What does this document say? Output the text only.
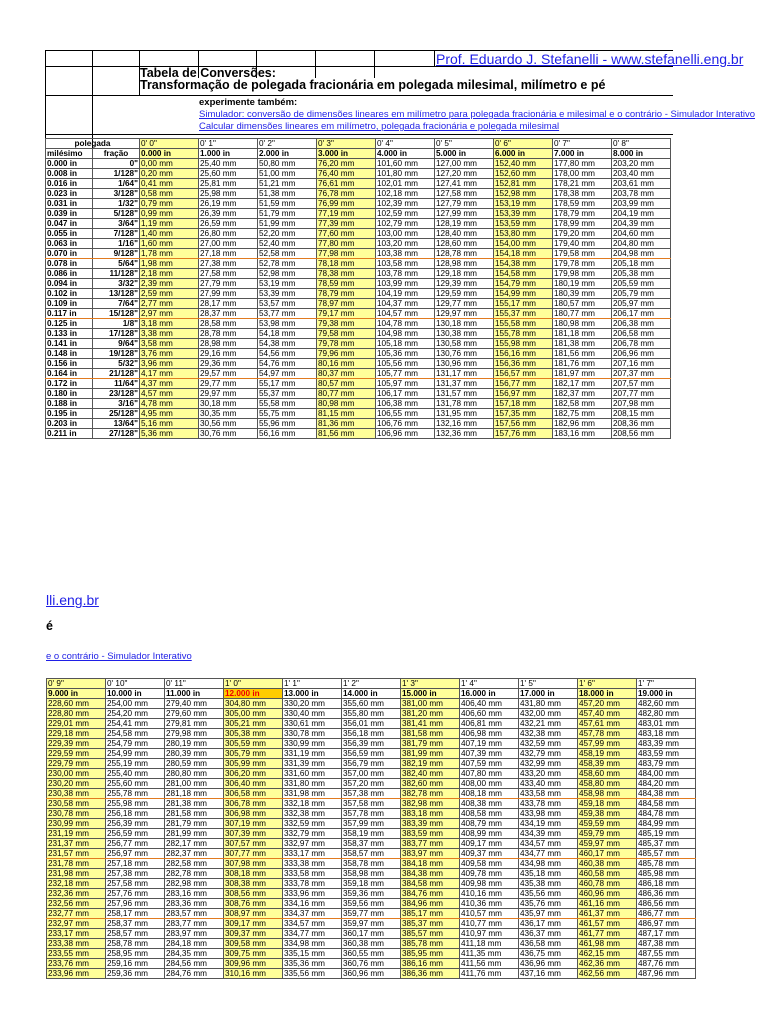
Prof. Eduardo J. Stefanelli - www.stefanelli.eng.br
Tabela de Conversões:
Transformação de polegada fracionária em polegada milesimal, milímetro e pé
experimente também:
Simulador: conversão de dimensões lineares em milímetro para polegada fracionária e milesimal e o contrário - Simulador Interativo
Calcular dimensões lineares em milímetro, polegada fracionária e polegada milesimal
polegada		0' 0"	0' 1"	0' 2"	0' 3"	0' 4"	0' 5"	0' 6"	0' 7"	0' 8"
milésimo	fração	0.000 in	1.000 in	2.000 in	3.000 in	4.000 in	5.000 in	6.000 in	7.000 in	8.000 in
0.000 in	0"	0,00 mm	25,40 mm	50,80 mm	76,20 mm	101,60 mm	127,00 mm	152,40 mm	177,80 mm	203,20 mm
0.008 in	1/128"	0,20 mm	25,60 mm	51,00 mm	76,40 mm	101,80 mm	127,20 mm	152,60 mm	178,00 mm	203,40 mm
0.016 in	1/64"	0,41 mm	25,81 mm	51,21 mm	76,61 mm	102,01 mm	127,41 mm	152,81 mm	178,21 mm	203,61 mm
0.023 in	3/128"	0,58 mm	25,98 mm	51,38 mm	76,78 mm	102,18 mm	127,58 mm	152,98 mm	178,38 mm	203,78 mm
0.031 in	1/32"	0,79 mm	26,19 mm	51,59 mm	76,99 mm	102,39 mm	127,79 mm	153,19 mm	178,59 mm	203,99 mm
0.039 in	5/128"	0,99 mm	26,39 mm	51,79 mm	77,19 mm	102,59 mm	127,99 mm	153,39 mm	178,79 mm	204,19 mm
0.047 in	3/64"	1,19 mm	26,59 mm	51,99 mm	77,39 mm	102,79 mm	128,19 mm	153,59 mm	178,99 mm	204,39 mm
0.055 in	7/128"	1,40 mm	26,80 mm	52,20 mm	77,60 mm	103,00 mm	128,40 mm	153,80 mm	179,20 mm	204,60 mm
0.063 in	1/16"	1,60 mm	27,00 mm	52,40 mm	77,80 mm	103,20 mm	128,60 mm	154,00 mm	179,40 mm	204,80 mm
0.070 in	9/128"	1,78 mm	27,18 mm	52,58 mm	77,98 mm	103,38 mm	128,78 mm	154,18 mm	179,58 mm	204,98 mm
0.078 in	5/64"	1,98 mm	27,38 mm	52,78 mm	78,18 mm	103,58 mm	128,98 mm	154,38 mm	179,78 mm	205,18 mm
0.086 in	11/128"	2,18 mm	27,58 mm	52,98 mm	78,38 mm	103,78 mm	129,18 mm	154,58 mm	179,98 mm	205,38 mm
0.094 in	3/32"	2,39 mm	27,79 mm	53,19 mm	78,59 mm	103,99 mm	129,39 mm	154,79 mm	180,19 mm	205,59 mm
0.102 in	13/128"	2,59 mm	27,99 mm	53,39 mm	78,79 mm	104,19 mm	129,59 mm	154,99 mm	180,39 mm	205,79 mm
0.109 in	7/64"	2,77 mm	28,17 mm	53,57 mm	78,97 mm	104,37 mm	129,77 mm	155,17 mm	180,57 mm	205,97 mm
0.117 in	15/128"	2,97 mm	28,37 mm	53,77 mm	79,17 mm	104,57 mm	129,97 mm	155,37 mm	180,77 mm	206,17 mm
0.125 in	1/8"	3,18 mm	28,58 mm	53,98 mm	79,38 mm	104,78 mm	130,18 mm	155,58 mm	180,98 mm	206,38 mm
0.133 in	17/128"	3,38 mm	28,78 mm	54,18 mm	79,58 mm	104,98 mm	130,38 mm	155,78 mm	181,18 mm	206,58 mm
0.141 in	9/64"	3,58 mm	28,98 mm	54,38 mm	79,78 mm	105,18 mm	130,58 mm	155,98 mm	181,38 mm	206,78 mm
0.148 in	19/128"	3,76 mm	29,16 mm	54,56 mm	79,96 mm	105,36 mm	130,76 mm	156,16 mm	181,56 mm	206,96 mm
0.156 in	5/32"	3,96 mm	29,36 mm	54,76 mm	80,16 mm	105,56 mm	130,96 mm	156,36 mm	181,76 mm	207,16 mm
0.164 in	21/128"	4,17 mm	29,57 mm	54,97 mm	80,37 mm	105,77 mm	131,17 mm	156,57 mm	181,97 mm	207,37 mm
0.172 in	11/64"	4,37 mm	29,77 mm	55,17 mm	80,57 mm	105,97 mm	131,37 mm	156,77 mm	182,17 mm	207,57 mm
0.180 in	23/128"	4,57 mm	29,97 mm	55,37 mm	80,77 mm	106,17 mm	131,57 mm	156,97 mm	182,37 mm	207,77 mm
0.188 in	3/16"	4,78 mm	30,18 mm	55,58 mm	80,98 mm	106,38 mm	131,78 mm	157,18 mm	182,58 mm	207,98 mm
0.195 in	25/128"	4,95 mm	30,35 mm	55,75 mm	81,15 mm	106,55 mm	131,95 mm	157,35 mm	182,75 mm	208,15 mm
0.203 in	13/64"	5,16 mm	30,56 mm	55,96 mm	81,36 mm	106,76 mm	132,16 mm	157,56 mm	182,96 mm	208,36 mm
0.211 in	27/128"	5,36 mm	30,76 mm	56,16 mm	81,56 mm	106,96 mm	132,36 mm	157,76 mm	183,16 mm	208,56 mm
lli.eng.br
é
e o contrário - Simulador Interativo
0' 9"	0' 10"	0' 11"	1' 0"	1' 1"	1' 2"	1' 3"	1' 4"	1' 5"	1' 6"	1' 7"
9.000 in	10.000 in	11.000 in	12.000 in	13.000 in	14.000 in	15.000 in	16.000 in	17.000 in	18.000 in	19.000 in
228,60 mm	254,00 mm	279,40 mm	304,80 mm	330,20 mm	355,60 mm	381,00 mm	406,40 mm	431,80 mm	457,20 mm	482,60 mm
228,80 mm	254,20 mm	279,60 mm	305,00 mm	330,40 mm	355,80 mm	381,20 mm	406,60 mm	432,00 mm	457,40 mm	482,80 mm
229,01 mm	254,41 mm	279,81 mm	305,21 mm	330,61 mm	356,01 mm	381,41 mm	406,81 mm	432,21 mm	457,61 mm	483,01 mm
229,18 mm	254,58 mm	279,98 mm	305,38 mm	330,78 mm	356,18 mm	381,58 mm	406,98 mm	432,38 mm	457,78 mm	483,18 mm
229,39 mm	254,79 mm	280,19 mm	305,59 mm	330,99 mm	356,39 mm	381,79 mm	407,19 mm	432,59 mm	457,99 mm	483,39 mm
229,59 mm	254,99 mm	280,39 mm	305,79 mm	331,19 mm	356,59 mm	381,99 mm	407,39 mm	432,79 mm	458,19 mm	483,59 mm
229,79 mm	255,19 mm	280,59 mm	305,99 mm	331,39 mm	356,79 mm	382,19 mm	407,59 mm	432,99 mm	458,39 mm	483,79 mm
230,00 mm	255,40 mm	280,80 mm	306,20 mm	331,60 mm	357,00 mm	382,40 mm	407,80 mm	433,20 mm	458,60 mm	484,00 mm
230,20 mm	255,60 mm	281,00 mm	306,40 mm	331,80 mm	357,20 mm	382,60 mm	408,00 mm	433,40 mm	458,80 mm	484,20 mm
230,38 mm	255,78 mm	281,18 mm	306,58 mm	331,98 mm	357,38 mm	382,78 mm	408,18 mm	433,58 mm	458,98 mm	484,38 mm
230,58 mm	255,98 mm	281,38 mm	306,78 mm	332,18 mm	357,58 mm	382,98 mm	408,38 mm	433,78 mm	459,18 mm	484,58 mm
230,78 mm	256,18 mm	281,58 mm	306,98 mm	332,38 mm	357,78 mm	383,18 mm	408,58 mm	433,98 mm	459,38 mm	484,78 mm
230,99 mm	256,39 mm	281,79 mm	307,19 mm	332,59 mm	357,99 mm	383,39 mm	408,79 mm	434,19 mm	459,59 mm	484,99 mm
231,19 mm	256,59 mm	281,99 mm	307,39 mm	332,79 mm	358,19 mm	383,59 mm	408,99 mm	434,39 mm	459,79 mm	485,19 mm
231,37 mm	256,77 mm	282,17 mm	307,57 mm	332,97 mm	358,37 mm	383,77 mm	409,17 mm	434,57 mm	459,97 mm	485,37 mm
231,57 mm	256,97 mm	282,37 mm	307,77 mm	333,17 mm	358,57 mm	383,97 mm	409,37 mm	434,77 mm	460,17 mm	485,57 mm
231,78 mm	257,18 mm	282,58 mm	307,98 mm	333,38 mm	358,78 mm	384,18 mm	409,58 mm	434,98 mm	460,38 mm	485,78 mm
231,98 mm	257,38 mm	282,78 mm	308,18 mm	333,58 mm	358,98 mm	384,38 mm	409,78 mm	435,18 mm	460,58 mm	485,98 mm
232,18 mm	257,58 mm	282,98 mm	308,38 mm	333,78 mm	359,18 mm	384,58 mm	409,98 mm	435,38 mm	460,78 mm	486,18 mm
232,36 mm	257,76 mm	283,16 mm	308,56 mm	333,96 mm	359,36 mm	384,76 mm	410,16 mm	435,56 mm	460,96 mm	486,36 mm
232,56 mm	257,96 mm	283,36 mm	308,76 mm	334,16 mm	359,56 mm	384,96 mm	410,36 mm	435,76 mm	461,16 mm	486,56 mm
232,77 mm	258,17 mm	283,57 mm	308,97 mm	334,37 mm	359,77 mm	385,17 mm	410,57 mm	435,97 mm	461,37 mm	486,77 mm
232,97 mm	258,37 mm	283,77 mm	309,17 mm	334,57 mm	359,97 mm	385,37 mm	410,77 mm	436,17 mm	461,57 mm	486,97 mm
233,17 mm	258,57 mm	283,97 mm	309,37 mm	334,77 mm	360,17 mm	385,57 mm	410,97 mm	436,37 mm	461,77 mm	487,17 mm
233,38 mm	258,78 mm	284,18 mm	309,58 mm	334,98 mm	360,38 mm	385,78 mm	411,18 mm	436,58 mm	461,98 mm	487,38 mm
233,55 mm	258,95 mm	284,35 mm	309,75 mm	335,15 mm	360,55 mm	385,95 mm	411,35 mm	436,75 mm	462,15 mm	487,55 mm
233,76 mm	259,16 mm	284,56 mm	309,96 mm	335,36 mm	360,76 mm	386,16 mm	411,56 mm	436,96 mm	462,36 mm	487,76 mm
233,96 mm	259,36 mm	284,76 mm	310,16 mm	335,56 mm	360,96 mm	386,36 mm	411,76 mm	437,16 mm	462,56 mm	487,96 mm
